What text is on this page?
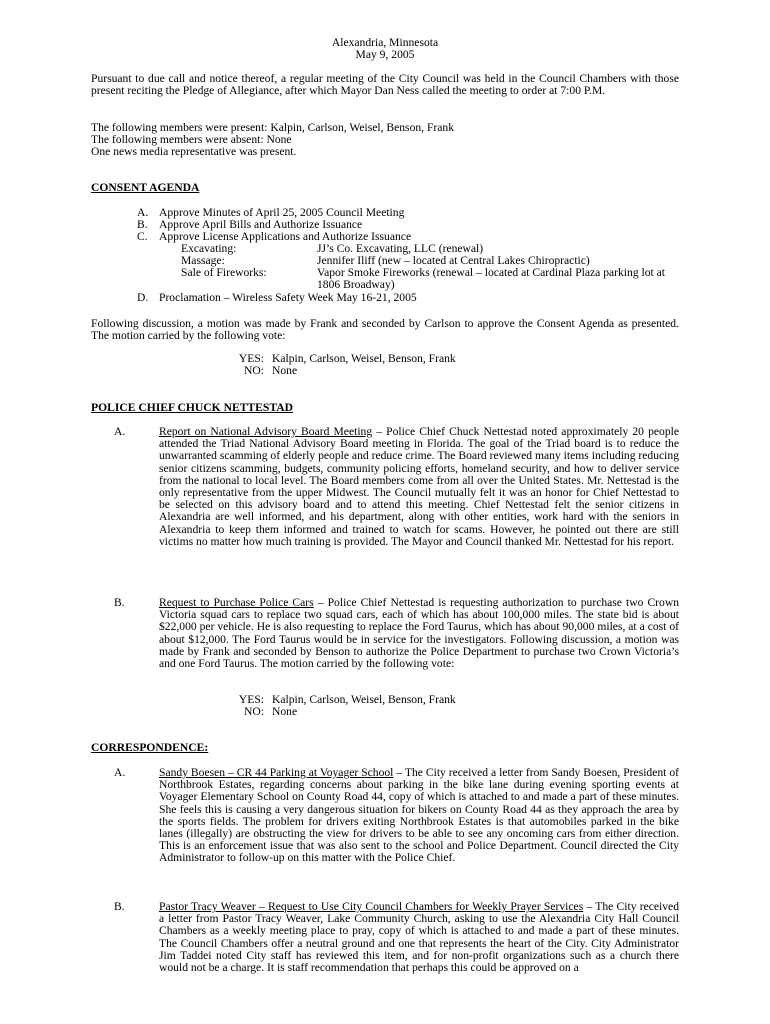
Alexandria, Minnesota

May 9, 2005

Pursuant to due call and notice thereof, a regular meeting of the City Council was held in the Council Chambers with those present reciting the Pledge of Allegiance, after which Mayor Dan Ness called the meeting to order at 7:00 P.M.

The following members were present: Kalpin, Carlson, Weisel, Benson, Frank

The following members were absent: None

One news media representative was present.

CONSENT AGENDA

A. Approve Minutes of April 25, 2005 Council Meeting

B. Approve April Bills and Authorize Issuance

C. Approve License Applications and Authorize Issuance

Excavating:	JJ’s Co. Excavating, LLC (renewal)
Massage:	Jennifer Iliff (new – located at Central Lakes Chiropractic)
Sale of Fireworks:	Vapor Smoke Fireworks (renewal – located at Cardinal Plaza parking lot at 1806 Broadway)

D. Proclamation – Wireless Safety Week May 16-21, 2005

Following discussion, a motion was made by Frank and seconded by Carlson to approve the Consent Agenda as presented. The motion carried by the following vote:

YES: Kalpin, Carlson, Weisel, Benson, Frank

NO: None

POLICE CHIEF CHUCK NETTESTAD

A.	Report on National Advisory Board Meeting – Police Chief Chuck Nettestad noted approximately 20 people attended the Triad National Advisory Board meeting in Florida. The goal of the Triad board is to reduce the unwarranted scamming of elderly people and reduce crime. The Board reviewed many items including reducing senior citizens scamming, budgets, community policing efforts, homeland security, and how to deliver service from the national to local level. The Board members come from all over the United States. Mr. Nettestad is the only representative from the upper Midwest. The Council mutually felt it was an honor for Chief Nettestad to be selected on this advisory board and to attend this meeting. Chief Nettestad felt the senior citizens in Alexandria are well informed, and his department, along with other entities, work hard with the seniors in Alexandria to keep them informed and trained to watch for scams. However, he pointed out there are still victims no matter how much training is provided. The Mayor and Council thanked Mr. Nettestad for his report.

B.	Request to Purchase Police Cars – Police Chief Nettestad is requesting authorization to purchase two Crown Victoria squad cars to replace two squad cars, each of which has about 100,000 miles. The state bid is about $22,000 per vehicle. He is also requesting to replace the Ford Taurus, which has about 90,000 miles, at a cost of about $12,000. The Ford Taurus would be in service for the investigators. Following discussion, a motion was made by Frank and seconded by Benson to authorize the Police Department to purchase two Crown Victoria’s and one Ford Taurus. The motion carried by the following vote:

YES: Kalpin, Carlson, Weisel, Benson, Frank

NO: None

CORRESPONDENCE:

A.	Sandy Boesen – CR 44 Parking at Voyager School – The City received a letter from Sandy Boesen, President of Northbrook Estates, regarding concerns about parking in the bike lane during evening sporting events at Voyager Elementary School on County Road 44, copy of which is attached to and made a part of these minutes. She feels this is causing a very dangerous situation for bikers on County Road 44 as they approach the area by the sports fields. The problem for drivers exiting Northbrook Estates is that automobiles parked in the bike lanes (illegally) are obstructing the view for drivers to be able to see any oncoming cars from either direction. This is an enforcement issue that was also sent to the school and Police Department. Council directed the City Administrator to follow-up on this matter with the Police Chief.

B.	Pastor Tracy Weaver – Request to Use City Council Chambers for Weekly Prayer Services – The City received a letter from Pastor Tracy Weaver, Lake Community Church, asking to use the Alexandria City Hall Council Chambers as a weekly meeting place to pray, copy of which is attached to and made a part of these minutes. The Council Chambers offer a neutral ground and one that represents the heart of the City. City Administrator Jim Taddei noted City staff has reviewed this item, and for non-profit organizations such as a church there would not be a charge. It is staff recommendation that perhaps this could be approved on a
